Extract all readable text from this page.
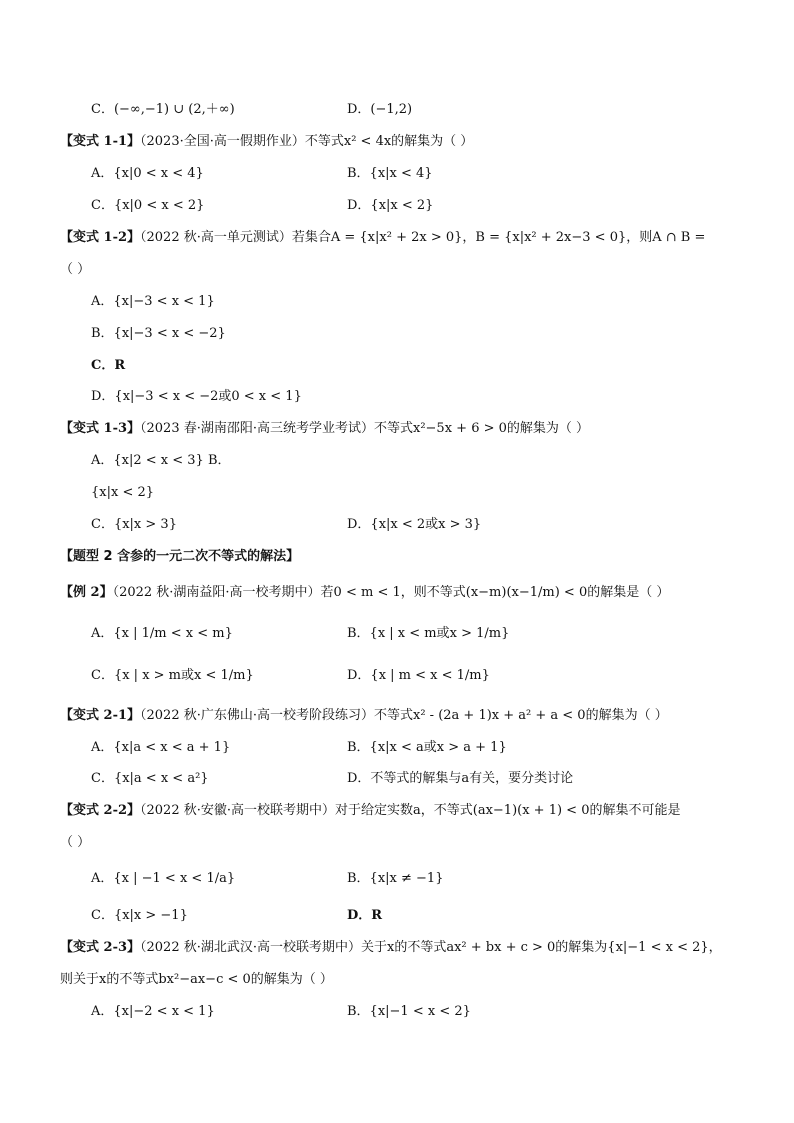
C．(−∞,−1) ∪ (2,＋∞)	D．(−1,2)
【变式 1-1】（2023·全国·高一假期作业）不等式x² < 4x的解集为（ ）
A．{x|0 < x < 4}	B．{x|x < 4}
C．{x|0 < x < 2}	D．{x|x < 2}
【变式 1-2】（2022 秋·高一单元测试）若集合A = {x|x² + 2x > 0}，B = {x|x² + 2x−3 < 0}，则A ∩ B =
（ ）
A．{x|−3 < x < 1}
B．{x|−3 < x < −2}
C．R
D．{x|−3 < x < −2或0 < x < 1}
【变式 1-3】（2023 春·湖南邵阳·高三统考学业考试）不等式x²−5x + 6 > 0的解集为（ ）
A．{x|2 < x < 3} B．
{x|x < 2}
C．{x|x > 3}	D．{x|x < 2或x > 3}
【题型 2 含参的一元二次不等式的解法】
【例 2】（2022 秋·湖南益阳·高一校考期中）若0 < m < 1，则不等式(x−m)(x−1/m) < 0的解集是（ ）
A．{x | 1/m < x < m}	B．{x | x < m或x > 1/m}
C．{x | x > m或x < 1/m}	D．{x | m < x < 1/m}
【变式 2-1】（2022 秋·广东佛山·高一校考阶段练习）不等式x² - (2a + 1)x + a² + a < 0的解集为（ ）
A．{x|a < x < a + 1}	B．{x|x < a或x > a + 1}
C．{x|a < x < a²}	D．不等式的解集与a有关，要分类讨论
【变式 2-2】（2022 秋·安徽·高一校联考期中）对于给定实数a，不等式(ax−1)(x + 1) < 0的解集不可能是
（ ）
A．{x | −1 < x < 1/a}	B．{x|x ≠ −1}
C．{x|x > −1}	D．R
【变式 2-3】（2022 秋·湖北武汉·高一校联考期中）关于x的不等式ax² + bx + c > 0的解集为{x|−1 < x < 2}，
则关于x的不等式bx²−ax−c < 0的解集为（ ）
A．{x|−2 < x < 1}	B．{x|−1 < x < 2}
